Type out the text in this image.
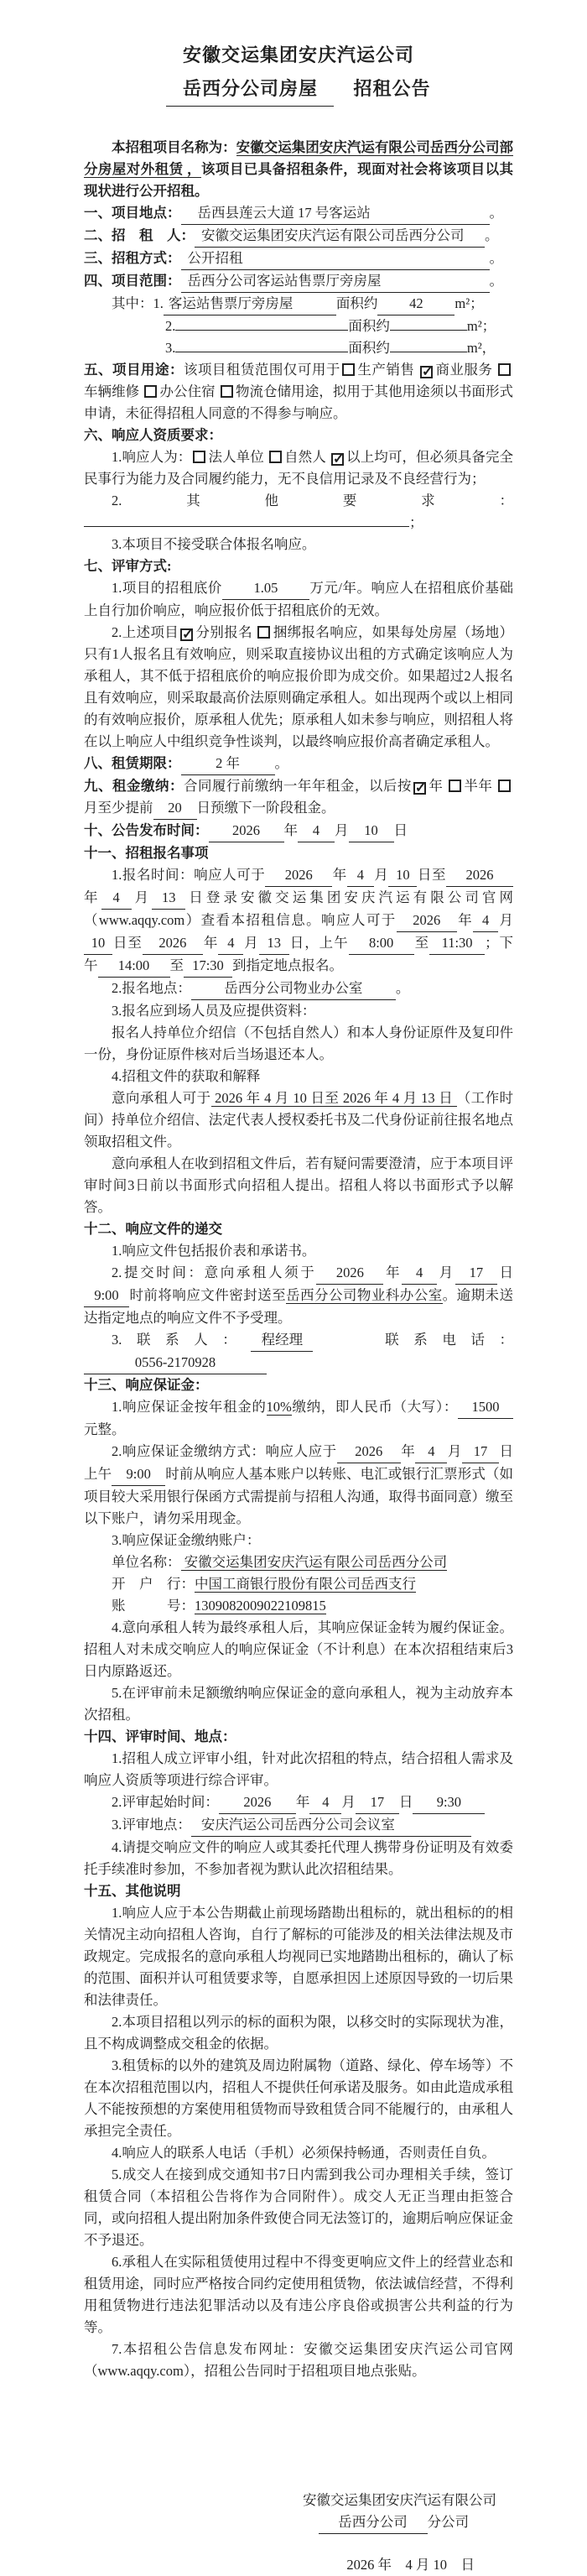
安徽交运集团安庆汽运公司
岳西分公司房屋　招租公告
本招租项目名称为：安徽交运集团安庆汽运有限公司岳西分公司部分房屋对外租赁 ，该项目已具备招租条件，现面对社会将该项目以其现状进行公开招租。
一、项目地点： 岳西县莲云大道 17 号客运站	。
二、招　租　人： 安徽交运集团安庆汽运有限公司岳西分公司 。
三、招租方式： 公开招租	。
四、项目范围： 岳西分公司客运站售票厅旁房屋	。
其中：1. 客运站售票厅旁房屋	面积约 42 m²；
2.	面积约	m²；
3.	面积约	m²，
五、项目用途：该项目租赁范围仅可用于 生产销售 ✓ 商业服务 车辆维修 办公住宿 物流仓储用途，拟用于其他用途须以书面形式申请，未征得招租人同意的不得参与响应。
六、响应人资质要求：
1.响应人为： 法人单位 自然人 ✓ 以上均可，但必须具备完全民事行为能力及合同履约能力，无不良信用记录及不良经营行为；
2.其他要求：；
3.本项目不接受联合体报名响应。
七、评审方式:
1.项目的招租底价 1.05 万元/年。响应人在招租底价基础上自行加价响应，响应报价低于招租底价的无效。
2.上述项目 ✓ 分别报名 捆绑报名响应，如果每处房屋（场地）只有1人报名且有效响应，则采取直接协议出租的方式确定该响应人为承租人，其不低于招租底价的响应报价即为成交价。如果超过2人报名且有效响应，则采取最高价法原则确定承租人。如出现两个或以上相同的有效响应报价，原承租人优先；原承租人如未参与响应，则招租人将在以上响应人中组织竞争性谈判，以最终响应报价高者确定承租人。
八、租赁期限：	2 年	。
九、租金缴纳：合同履行前缴纳一年年租金，以后按 ✓ 年 半年 月至少提前 20 日预缴下一阶段租金。
十、公告发布时间： 2026 年 4 月 10 日
十一、招租报名事项
1.报名时间：响应人可于 2026 年 4 月 10 日至 2026年 4 月 13 日登录安徽交运集团安庆汽运有限公司官网（www.aqqy.com）查看本招租信息。响应人可于 2026 年 4 月10 日至 2026 年 4 月 13 日，上午 8:00 至 11:30 ；下午 14:00 至 17:30 到指定地点报名。
2.报名地点： 岳西分公司物业办公室 。
3.报名应到场人员及应提供资料：
报名人持单位介绍信（不包括自然人）和本人身份证原件及复印件一份，身份证原件核对后当场退还本人。
4.招租文件的获取和解释
意向承租人可于 2026 年 4 月 10 日至 2026 年 4 月 13 日 （工作时间）持单位介绍信、法定代表人授权委托书及二代身份证前往报名地点领取招租文件。
意向承租人在收到招租文件后，若有疑问需要澄清，应于本项目评审时间3日前以书面形式向招租人提出。招租人将以书面形式予以解答。
十二、响应文件的递交
1.响应文件包括报价表和承诺书。
2.提交时间：意向承租人须于 2026 年 4 月 17 日9:00 时前将响应文件密封送至岳西分公司物业科办公室。逾期未送达指定地点的响应文件不予受理。
3.联系人： 程经理　　联系电话：0556-2170928
十三、响应保证金：
1.响应保证金按年租金的10%缴纳，即人民币（大写）： 1500元整。
2.响应保证金缴纳方式：响应人应于 2026 年 4 月 17 日上午 9:00 时前从响应人基本账户以转账、电汇或银行汇票形式（如项目较大采用银行保函方式需提前与招租人沟通，取得书面同意）缴至以下账户，请勿采用现金。
3.响应保证金缴纳账户：
单位名称： 安徽交运集团安庆汽运有限公司岳西分公司
开　户　行：中国工商银行股份有限公司岳西支行
账　　　号：1309082009022109815
4.意向承租人转为最终承租人后，其响应保证金转为履约保证金。招租人对未成交响应人的响应保证金（不计利息）在本次招租结束后3日内原路返还。
5.在评审前未足额缴纳响应保证金的意向承租人，视为主动放弃本次招租。
十四、评审时间、地点：
1.招租人成立评审小组，针对此次招租的特点，结合招租人需求及响应人资质等项进行综合评审。
2.评审起始时间： 2026 年 4 月 17 日 9:30
3.评审地点： 安庆汽运公司岳西分公司会议室
4.请提交响应文件的响应人或其委托代理人携带身份证明及有效委托手续准时参加，不参加者视为默认此次招租结果。
十五、其他说明
1.响应人应于本公告期截止前现场踏勘出租标的，就出租标的的相关情况主动向招租人咨询，自行了解标的可能涉及的相关法律法规及市政规定。完成报名的意向承租人均视同已实地踏勘出租标的，确认了标的范围、面积并认可租赁要求等，自愿承担因上述原因导致的一切后果和法律责任。
2.本项目招租以列示的标的面积为限，以移交时的实际现状为准，且不构成调整成交租金的依据。
3.租赁标的以外的建筑及周边附属物（道路、绿化、停车场等）不在本次招租范围以内，招租人不提供任何承诺及服务。如由此造成承租人不能按预想的方案使用租赁物而导致租赁合同不能履行的，由承租人承担完全责任。
4.响应人的联系人电话（手机）必须保持畅通，否则责任自负。
5.成交人在接到成交通知书7日内需到我公司办理相关手续，签订租赁合同（本招租公告将作为合同附件）。成交人无正当理由拒签合同，或向招租人提出附加条件致使合同无法签订的，逾期后响应保证金不予退还。
6.承租人在实际租赁使用过程中不得变更响应文件上的经营业态和租赁用途，同时应严格按合同约定使用租赁物，依法诚信经营，不得利用租赁物进行违法犯罪活动以及有违公序良俗或损害公共利益的行为等。
7.本招租公告信息发布网址：安徽交运集团安庆汽运公司官网（www.aqqy.com），招租公告同时于招租项目地点张贴。
安徽交运集团安庆汽运有限公司
岳西分公司 分公司
2026 年　4 月 10　日
